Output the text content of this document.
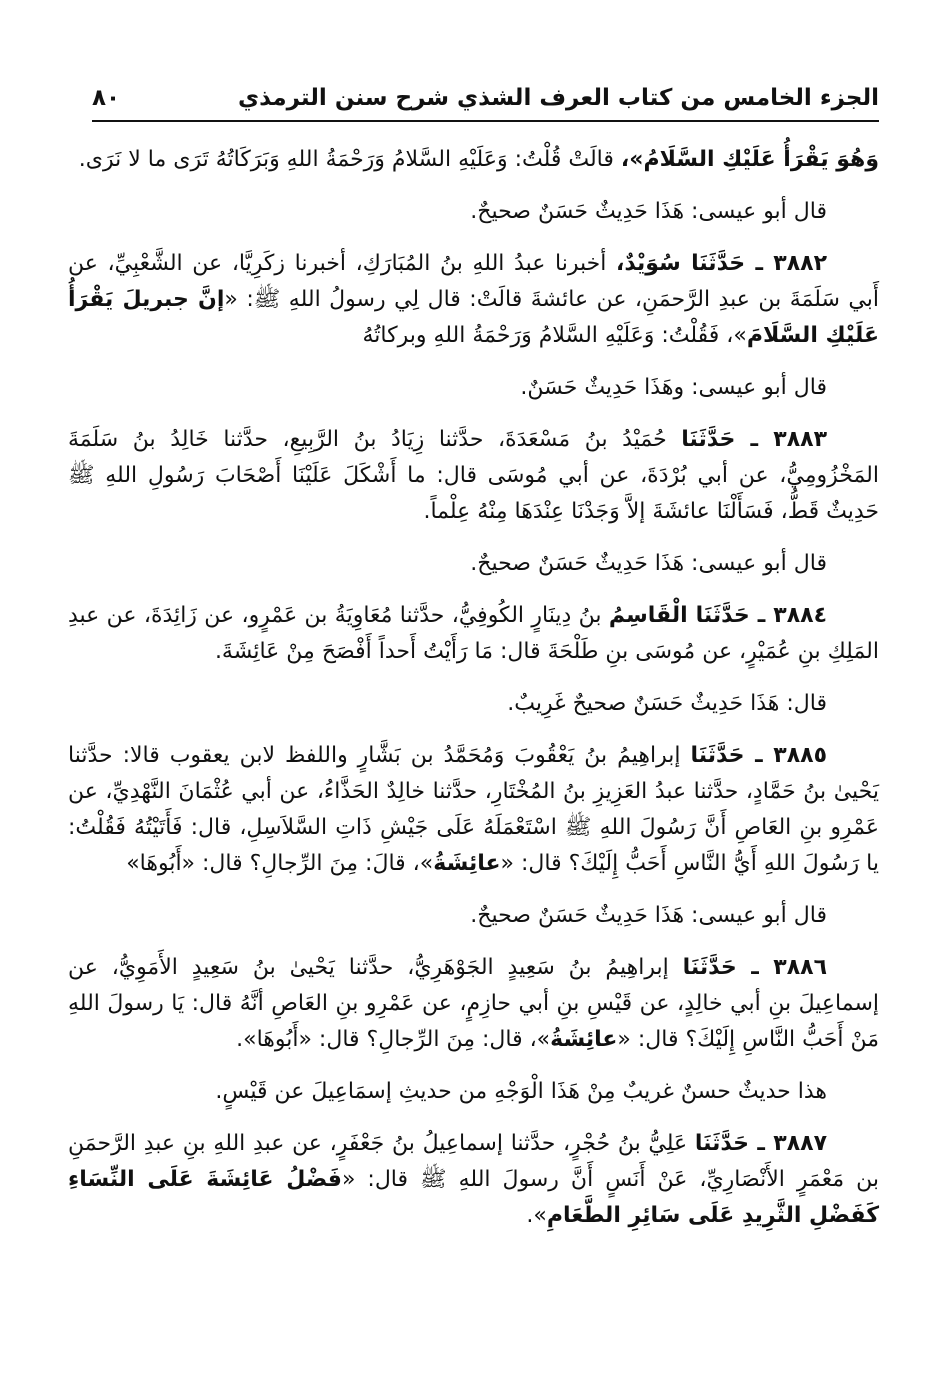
الجزء الخامس من كتاب العرف الشذي شرح سنن الترمذي
٨٠

وَهُوَ يَقْرَأُ عَلَيْكِ السَّلَامُ»، قالَتْ قُلْتُ: وَعَلَيْهِ السَّلامُ وَرَحْمَةُ اللهِ وَبَرَكَاتُهُ تَرَى ما لا نَرَى.

قال أبو عيسى: هَذَا حَدِيثٌ حَسَنٌ صحيحٌ.

٣٨٨٢ ـ حَدَّثَنَا سُوَيْدٌ، أخبرنا عبدُ اللهِ بنُ المُبَارَكِ، أخبرنا زكَرِيَّا، عن الشَّعْبِيِّ، عن أَبي سَلَمَةَ بن عبدِ الرَّحمَنِ، عن عائشةَ قالَتْ: قال لِي رسولُ اللهِ ﷺ: «إنَّ جبريلَ يَقْرَأُ عَلَيْكِ السَّلَامَ»، فَقُلْتُ: وَعَلَيْهِ السَّلامُ وَرَحْمَةُ اللهِ وبركاتُهُ

قال أبو عيسى: وهَذَا حَدِيثٌ حَسَنٌ.

٣٨٨٣ ـ حَدَّثَنَا حُمَيْدُ بنُ مَسْعَدَةَ، حدَّثنا زِيَادُ بنُ الرَّبِيعِ، حدَّثنا خَالِدُ بنُ سَلَمَةَ المَخْزُومِيُّ، عن أبي بُرْدَةَ، عن أبي مُوسَى قال: ما أَشْكَلَ عَلَيْنَا أَصْحَابَ رَسُولِ اللهِ ﷺ حَدِيثٌ قَطُّ، فَسَأَلْنَا عائشَةَ إلاَّ وَجَدْنَا عِنْدَهَا مِنْهُ عِلْماً.

قال أبو عيسى: هَذَا حَدِيثٌ حَسَنٌ صحيحٌ.

٣٨٨٤ ـ حَدَّثَنَا الْقَاسِمُ بنُ دِينَارٍ الكُوفِيُّ، حدَّثنا مُعَاوِيَةُ بن عَمْرٍو، عن زَائِدَةَ، عن عبدِ المَلِكِ بنِ عُمَيْرٍ، عن مُوسَى بنِ طَلْحَةَ قال: مَا رَأَيْتُ أَحداً أَفْصَحَ مِنْ عَائِشَةَ.

قال: هَذَا حَدِيثٌ حَسَنٌ صحيحٌ غَرِيبٌ.

٣٨٨٥ ـ حَدَّثَنَا إبراهِيمُ بنُ يَعْقُوبَ وَمُحَمَّدُ بن بَشَّارٍ واللفظ لابن يعقوب قالا: حدَّثنا يَحْيىٰ بنُ حَمَّادٍ، حدَّثنا عبدُ العَزِيزِ بنُ المُخْتَارِ، حدَّثنا خالِدٌ الحَذَّاءُ، عن أبي عُثْمَانَ النَّهْدِيِّ، عن عَمْرِو بنِ العَاصِ أَنَّ رَسُولَ اللهِ ﷺ اسْتَعْمَلَهُ عَلَى جَيْشِ ذَاتِ السَّلاَسِلِ، قال: فَأَتَيْتُهُ فَقُلْتُ: يا رَسُولَ اللهِ أَيُّ النَّاسِ أَحَبُّ إِلَيْكَ؟ قال: «عائِشَةُ»، قالَ: مِنَ الرِّجالِ؟ قال: «أَبُوهَا»

قال أبو عيسى: هَذَا حَدِيثٌ حَسَنٌ صحيحٌ.

٣٨٨٦ ـ حَدَّثَنَا إبراهِيمُ بنُ سَعِيدٍ الجَوْهَرِيُّ، حدَّثنا يَحْيىٰ بنُ سَعِيدٍ الأَمَوِيُّ، عن إسماعِيلَ بنِ أبي خالِدٍ، عن قَيْسِ بنِ أبي حازِمٍ، عن عَمْرِو بنِ العَاصِ أنَّهُ قال: يَا رسولَ اللهِ مَنْ أَحَبُّ النَّاسِ إِلَيْكَ؟ قال: «عائِشَةُ»، قال: مِنَ الرِّجالِ؟ قال: «أَبُوهَا».

هذا حديثٌ حسنٌ غريبٌ مِنْ هَذَا الْوَجْهِ من حديثِ إسمَاعِيلَ عن قَيْسٍ.

٣٨٨٧ ـ حَدَّثَنَا عَلِيُّ بنُ حُجْرٍ، حدَّثنا إسماعِيلُ بنُ جَعْفَرٍ، عن عبدِ اللهِ بنِ عبدِ الرَّحمَنِ بن مَعْمَرٍ الأَنْصَارِيِّ، عَنْ أَنَسٍ أَنَّ رسولَ اللهِ ﷺ قال: «فَضْلُ عَائِشَةَ عَلَى النِّسَاءِ كَفَضْلِ الثَّرِيدِ عَلَى سَائِرِ الطَّعَامِ».
